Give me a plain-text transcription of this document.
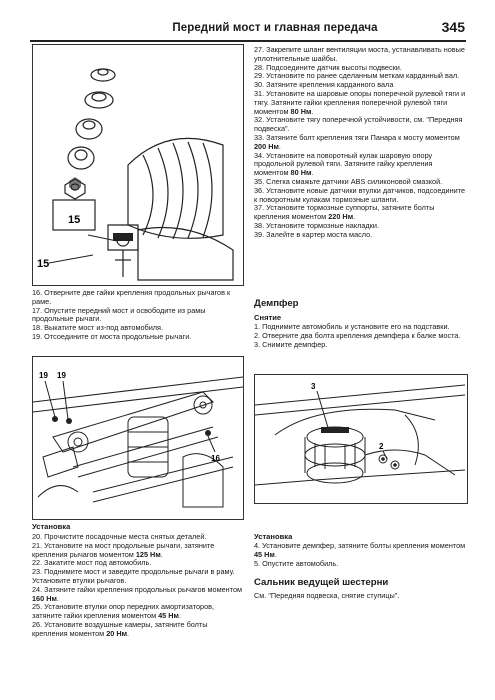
Передний мост и главная передача	345
15
15

16. Отверните две гайки крепления продольных рычагов к раме.

17. Опустите передний мост и освободите из рамы продольные рычаги.

18. Выкатите мост из-под автомобиля.

19. Отсоедините от моста продольные рычаги.

19 19
16
Установка

20. Прочистите посадочные места снятых деталей.

21. Установите на мост продольные рычаги, затяните крепления рычагов моментом 125 Нм.

22. Закатите мост под автомобиль.

23. Поднимите мост и заведите продольные рычаги в раму. Установите втулки рычагов.

24. Затяните гайки крепления продольных рычагов моментом 160 Нм.

25. Установите втулки опор передних амортизаторов, затяните гайки крепления моментом 45 Нм.

26. Установите воздушные камеры, затяните болты крепления моментом 20 Нм.

27. Закрепите шланг вентиляции моста, устанавливать новые уплотнительные шайбы.

28. Подсоедините датчик высоты подвески.

29. Установите по ранее сделанным меткам карданный вал.

30. Затяните крепления карданного вала

31. Установите на шаровые опоры поперечной рулевой тяги и тягу. Затяните гайки крепления поперечной рулевой тяги моментом 80 Нм.

32. Установите тягу поперечной устойчивости, см. "Передняя подвеска".

33. Затяните болт крепления тяги Панара к мосту моментом 200 Нм.

34. Установите на поворотный кулак шаровую опору продольной рулевой тяги. Затяните гайку крепления моментом 80 Нм.

35. Слегка смажьте датчики ABS силиконовой смазкой.

36. Установите новые датчики втулки датчиков, подсоедините к поворотным кулакам тормозные шланги.

37. Установите тормозные суппорты, затяните болты крепления моментом 220 Нм.

38. Установите тормозные накладки.

39. Залейте в картер моста масло.

Демпфер
Снятие

1. Поднимите автомобиль и установите его на подставки.

2. Отверните два болта крепления демпфера к балке моста.

3. Снимите демпфер.

3
2
Установка

4. Установите демпфер, затяните болты крепления моментом 45 Нм.

5. Опустите автомобиль.

Сальник ведущей шестерни
См. "Передняя подвеска, снятие ступицы".
